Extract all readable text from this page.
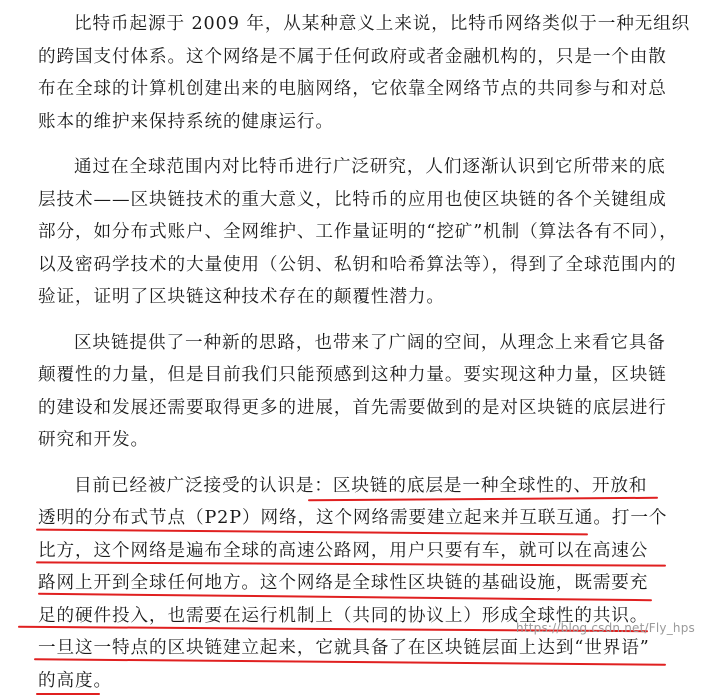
比特币起源于 2009 年，从某种意义上来说，比特币网络类似于一种无组织
的跨国支付体系。这个网络是不属于任何政府或者金融机构的，只是一个由散
布在全球的计算机创建出来的电脑网络，它依靠全网络节点的共同参与和对总
账本的维护来保持系统的健康运行。
通过在全球范围内对比特币进行广泛研究，人们逐渐认识到它所带来的底
层技术——区块链技术的重大意义，比特币的应用也使区块链的各个关键组成
部分，如分布式账户、全网维护、工作量证明的“挖矿”机制（算法各有不同），
以及密码学技术的大量使用（公钥、私钥和哈希算法等），得到了全球范围内的
验证，证明了区块链这种技术存在的颠覆性潜力。
区块链提供了一种新的思路，也带来了广阔的空间，从理念上来看它具备
颠覆性的力量，但是目前我们只能预感到这种力量。要实现这种力量，区块链
的建设和发展还需要取得更多的进展，首先需要做到的是对区块链的底层进行
研究和开发。
目前已经被广泛接受的认识是：区块链的底层是一种全球性的、开放和
透明的分布式节点（P2P）网络，这个网络需要建立起来并互联互通。打一个
比方，这个网络是遍布全球的高速公路网，用户只要有车，就可以在高速公
路网上开到全球任何地方。这个网络是全球性区块链的基础设施，既需要充
足的硬件投入，也需要在运行机制上（共同的协议上）形成全球性的共识。
一旦这一特点的区块链建立起来，它就具备了在区块链层面上达到“世界语”
的高度。
https://blog.csdn.net/Fly_hps
